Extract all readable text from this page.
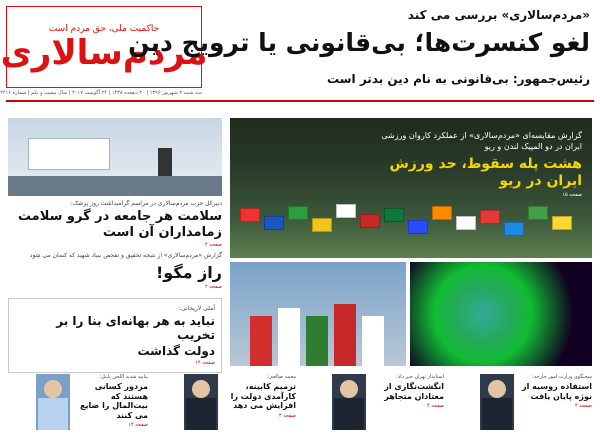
حاکمیت ملی، حق مردم است
مردم‌سالاری
سه شنبه ۲ شهریور ۱۳۹۶ | ۲۰ ذیقعده ۱۴۳۸ | ۲۴ آگوست ۲۰۱۷ | سال بیست و یکم | شماره ۴۴۱۶
«مردم‌سالاری» بررسی می کند
لغو کنسرت‌ها؛ بی‌قانونی یا ترویج دین
رئیس‌جمهور: بی‌قانونی به نام دین بدتر است
دبیرکل حزب مردم‌سالاری در مراسم گرامیداشت روز پزشک:
سلامت هر جامعه در گرو سلامت زمامداران آن است
صفحه ۴
گزارش «مردم‌سالاری» از نتیجه تحقیق و تفحص بنیاد شهید که کنمان می شود
راز مگو!
صفحه ۲
آملی لاریجانی:
نباید به هر بهانه‌ای بنا را بر تخریب
دولت گذاشت
صفحه ۱۴
گزارش مقایسه‌ای «مردم‌سالاری» از عملکرد کاروان ورزشی ایران در دو المپیک لندن و ریو
هشت پله سقوط، حد ورزش ایران در ریو
صفحه ۱۵
سخنگوی وزارت امور خارجه:
استفاده روسیه از نوژه پایان یافت
صفحه ۴
استاندار تهران خبر داد:
انگشت‌نگاری از معتادان متجاهر
صفحه ۴
محمد صالحی:
ترمیم کابینه، کارآمدی دولت را افزایش می دهد
صفحه ۴
بیانیه شدید اللحن پاینل:
مزدور کسانی هستند که بیت‌المال را ضایع می کنند
صفحه ۱۴
